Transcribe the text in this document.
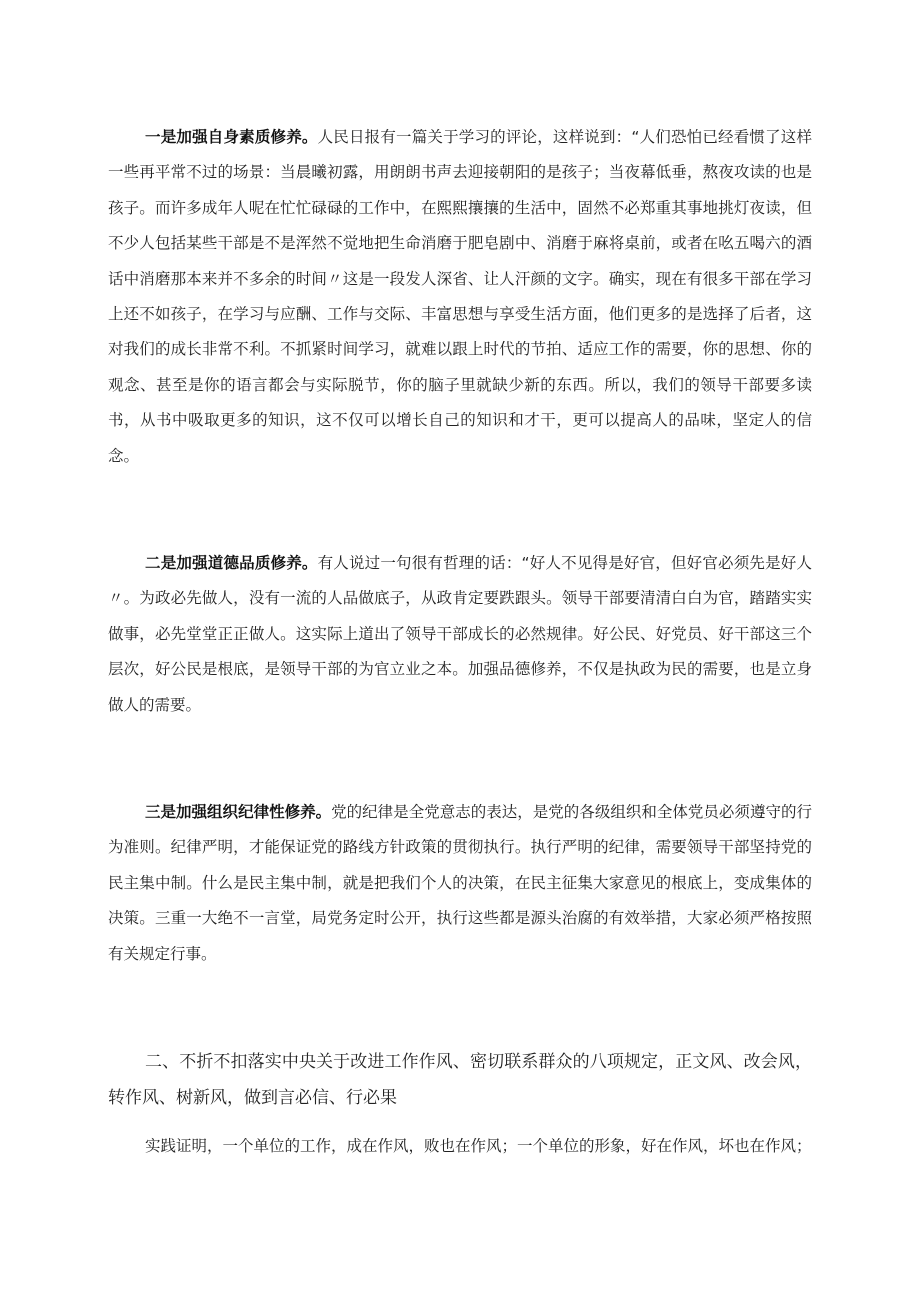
一是加强自身素质修养。人民日报有一篇关于学习的评论，这样说到：“人们恐怕已经看惯了这样一些再平常不过的场景：当晨曦初露，用朗朗书声去迎接朝阳的是孩子；当夜幕低垂，熬夜攻读的也是孩子。而许多成年人呢在忙忙碌碌的工作中，在熙熙攘攘的生活中，固然不必郑重其事地挑灯夜读，但不少人包括某些干部是不是浑然不觉地把生命消磨于肥皂剧中、消磨于麻将桌前，或者在吆五喝六的酒话中消磨那本来并不多余的时间〃这是一段发人深省、让人汗颜的文字。确实，现在有很多干部在学习上还不如孩子，在学习与应酬、工作与交际、丰富思想与享受生活方面，他们更多的是选择了后者，这对我们的成长非常不利。不抓紧时间学习，就难以跟上时代的节拍、适应工作的需要，你的思想、你的观念、甚至是你的语言都会与实际脱节，你的脑子里就缺少新的东西。所以，我们的领导干部要多读书，从书中吸取更多的知识，这不仅可以增长自己的知识和才干，更可以提高人的品味，坚定人的信念。

二是加强道德品质修养。有人说过一句很有哲理的话：“好人不见得是好官，但好官必须先是好人〃。为政必先做人，没有一流的人品做底子，从政肯定要跌跟头。领导干部要清清白白为官，踏踏实实做事，必先堂堂正正做人。这实际上道出了领导干部成长的必然规律。好公民、好党员、好干部这三个层次，好公民是根底，是领导干部的为官立业之本。加强品德修养，不仅是执政为民的需要，也是立身做人的需要。

三是加强组织纪律性修养。党的纪律是全党意志的表达，是党的各级组织和全体党员必须遵守的行为准则。纪律严明，才能保证党的路线方针政策的贯彻执行。执行严明的纪律，需要领导干部坚持党的民主集中制。什么是民主集中制，就是把我们个人的决策，在民主征集大家意见的根底上，变成集体的决策。三重一大绝不一言堂，局党务定时公开，执行这些都是源头治腐的有效举措，大家必须严格按照有关规定行事。

二、不折不扣落实中央关于改进工作作风、密切联系群众的八项规定，正文风、改会风，转作风、树新风，做到言必信、行必果

实践证明，一个单位的工作，成在作风，败也在作风；一个单位的形象，好在作风，坏也在作风；
